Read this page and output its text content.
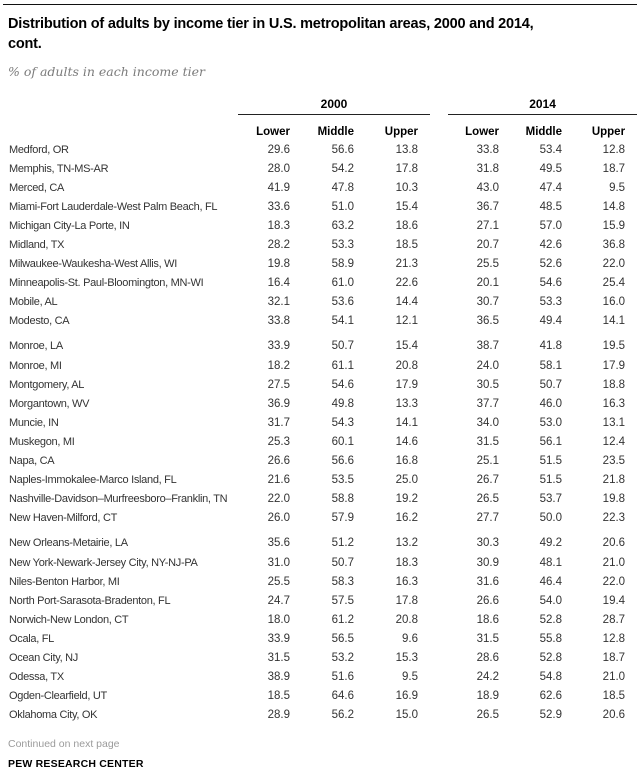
Distribution of adults by income tier in U.S. metropolitan areas, 2000 and 2014,
cont.

% of adults in each income tier

	2000				2014		
	Lower	Middle	Upper		Lower	Middle	Upper
Medford, OR	29.6	56.6	13.8		33.8	53.4	12.8
Memphis, TN-MS-AR	28.0	54.2	17.8		31.8	49.5	18.7
Merced, CA	41.9	47.8	10.3		43.0	47.4	9.5
Miami-Fort Lauderdale-West Palm Beach, FL	33.6	51.0	15.4		36.7	48.5	14.8
Michigan City-La Porte, IN	18.3	63.2	18.6		27.1	57.0	15.9
Midland, TX	28.2	53.3	18.5		20.7	42.6	36.8
Milwaukee-Waukesha-West Allis, WI	19.8	58.9	21.3		25.5	52.6	22.0
Minneapolis-St. Paul-Bloomington, MN-WI	16.4	61.0	22.6		20.1	54.6	25.4
Mobile, AL	32.1	53.6	14.4		30.7	53.3	16.0
Modesto, CA	33.8	54.1	12.1		36.5	49.4	14.1
Monroe, LA	33.9	50.7	15.4		38.7	41.8	19.5
Monroe, MI	18.2	61.1	20.8		24.0	58.1	17.9
Montgomery, AL	27.5	54.6	17.9		30.5	50.7	18.8
Morgantown, WV	36.9	49.8	13.3		37.7	46.0	16.3
Muncie, IN	31.7	54.3	14.1		34.0	53.0	13.1
Muskegon, MI	25.3	60.1	14.6		31.5	56.1	12.4
Napa, CA	26.6	56.6	16.8		25.1	51.5	23.5
Naples-Immokalee-Marco Island, FL	21.6	53.5	25.0		26.7	51.5	21.8
Nashville-Davidson–Murfreesboro–Franklin, TN	22.0	58.8	19.2		26.5	53.7	19.8
New Haven-Milford, CT	26.0	57.9	16.2		27.7	50.0	22.3
New Orleans-Metairie, LA	35.6	51.2	13.2		30.3	49.2	20.6
New York-Newark-Jersey City, NY-NJ-PA	31.0	50.7	18.3		30.9	48.1	21.0
Niles-Benton Harbor, MI	25.5	58.3	16.3		31.6	46.4	22.0
North Port-Sarasota-Bradenton, FL	24.7	57.5	17.8		26.6	54.0	19.4
Norwich-New London, CT	18.0	61.2	20.8		18.6	52.8	28.7
Ocala, FL	33.9	56.5	9.6		31.5	55.8	12.8
Ocean City, NJ	31.5	53.2	15.3		28.6	52.8	18.7
Odessa, TX	38.9	51.6	9.5		24.2	54.8	21.0
Ogden-Clearfield, UT	18.5	64.6	16.9		18.9	62.6	18.5
Oklahoma City, OK	28.9	56.2	15.0		26.5	52.9	20.6

Continued on next page

PEW RESEARCH CENTER
